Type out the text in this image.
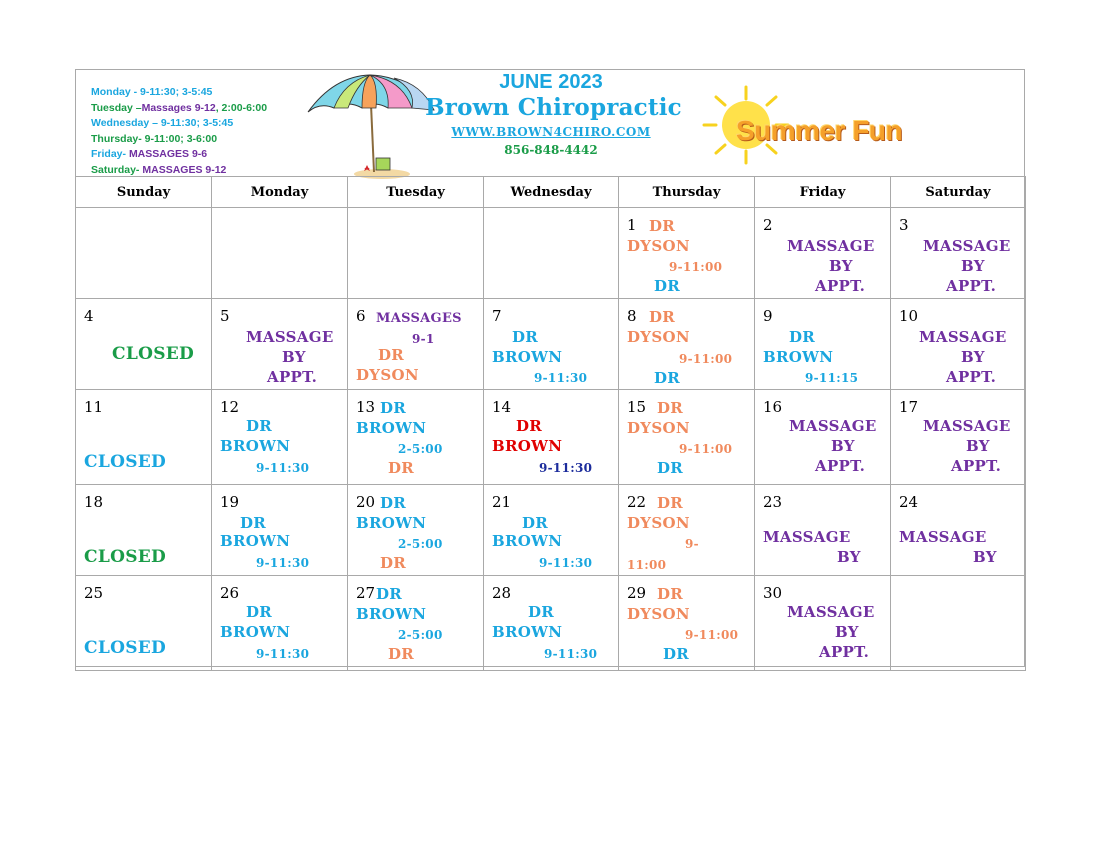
Monday - 9-11:30; 3-5:45
Tuesday –Massages 9-12, 2:00-6:00
Wednesday – 9-11:30; 3-5:45
Thursday- 9-11:00; 3-6:00
Friday- MASSAGES 9-6
Saturday- MASSAGES 9-12
JUNE 2023
Brown Chiropractic
WWW.BROWN4CHIRO.COM
856-848-4442
Summer Fun
Sunday	Monday	Tuesday	Wednesday	Thursday	Friday	Saturday

				1 DR
DYSON
9-11:00
DR	2
MASSAGE
BY
APPT.	3
MASSAGE
BY
APPT.

4
CLOSED	5
MASSAGE
BY
APPT.	6 MASSAGES
9-1
DR
DYSON	7
DR
BROWN
9-11:30	8 DR
DYSON
9-11:00
DR	9
DR
BROWN
9-11:15	10
MASSAGE
BY
APPT.

11
CLOSED	12
DR
BROWN
9-11:30	13 DR
BROWN
2-5:00
DR	14
DR
BROWN
9-11:30	15 DR
DYSON
9-11:00
DR	16
MASSAGE
BY
APPT.	17
MASSAGE
BY
APPT.

18
CLOSED	19
DR
BROWN
9-11:30	20 DR
BROWN
2-5:00
DR	21
DR
BROWN
9-11:30	22 DR
DYSON
9-
11:00	23
MASSAGE
BY	24
MASSAGE
BY

25
CLOSED	26
DR
BROWN
9-11:30	27 DR
BROWN
2-5:00
DR	28
DR
BROWN
9-11:30	29 DR
DYSON
9-11:00
DR	30
MASSAGE
BY
APPT.	
